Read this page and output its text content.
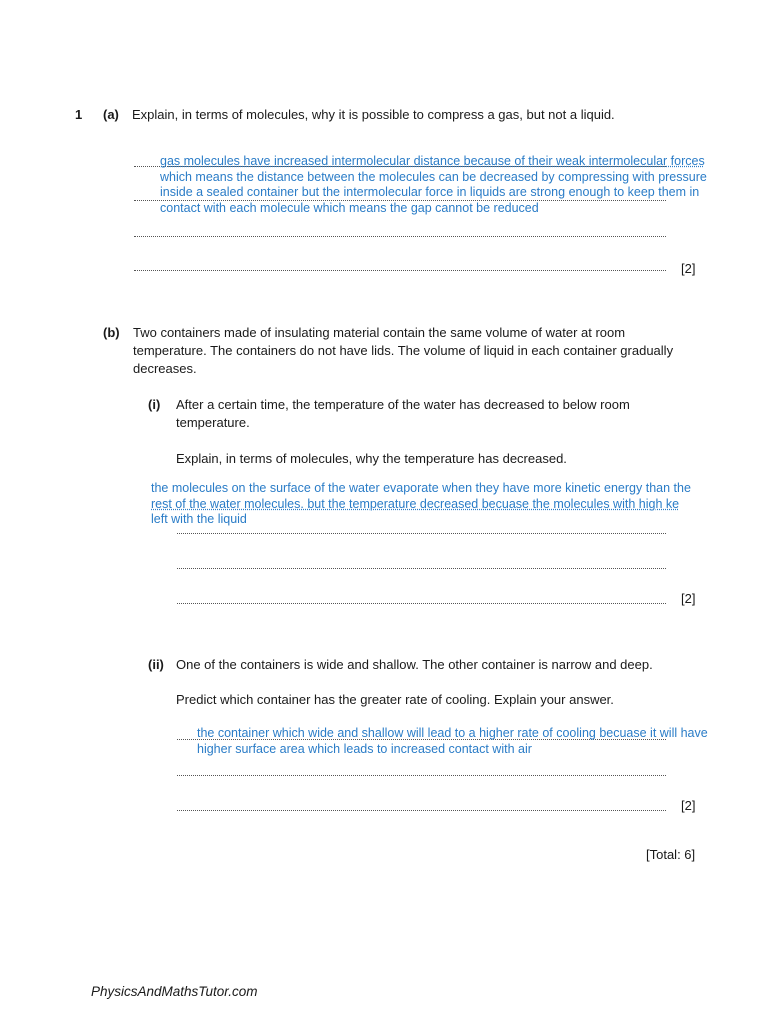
1 (a) Explain, in terms of molecules, why it is possible to compress a gas, but not a liquid.
gas molecules have increased intermolecular distance because of their weak intermolecular forces
which means the distance between the molecules can be decreased by compressing with pressure
inside a sealed container but the intermolecular force in liquids are strong enough to keep them in
contact with each molecule which means the gap cannot be reduced
[2]
(b) Two containers made of insulating material contain the same volume of water at room
temperature. The containers do not have lids. The volume of liquid in each container gradually
decreases.
(i) After a certain time, the temperature of the water has decreased to below room
temperature.
Explain, in terms of molecules, why the temperature has decreased.
the molecules on the surface of the water evaporate when they have more kinetic energy than the
rest of the water molecules. but the temperature decreased becuase the molecules with high ke
left with the liquid
[2]
(ii) One of the containers is wide and shallow. The other container is narrow and deep.
Predict which container has the greater rate of cooling. Explain your answer.
the container which wide and shallow will lead to a higher rate of cooling becuase it will have
higher surface area which leads to increased contact with air
[2]
[Total: 6]
PhysicsAndMathsTutor.com
